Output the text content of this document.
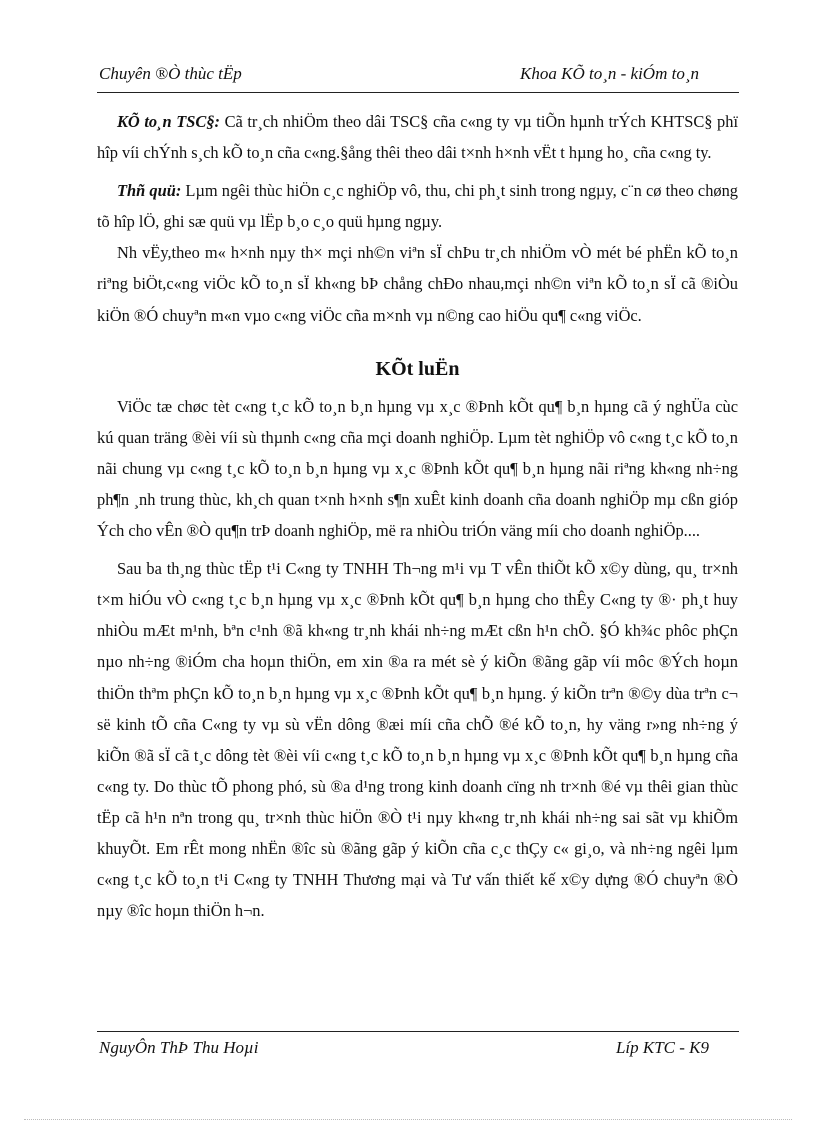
Chuyên ®Ò thùc tËp	Khoa KÕ to¸n - kiÓm to¸n

KÕ to¸n TSC§: Cã tr¸ch nhiÖm theo dâi TSC§ cña c«ng ty vµ tiÕn hµnh trÝch KHTSC§ phï hîp víi chÝnh s¸ch kÕ to¸n cña c«ng.§ång thêi theo dâi t×nh h×nh vËt t hµng ho¸ cña c«ng ty.

Thñ quü: Lµm ngêi thùc hiÖn c¸c nghiÖp vô, thu, chi ph¸t sinh trong ngµy, c¨n cø theo chøng tõ hîp lÖ, ghi sæ quü vµ lËp b¸o c¸o quü hµng ngµy.

Nh vËy,theo m« h×nh nµy th× mçi nh©n viªn sÏ chÞu tr¸ch nhiÖm vÒ mét bé phËn kÕ to¸n riªng biÖt,c«ng viÖc kÕ to¸n sÏ kh«ng bÞ chång chÐo nhau,mçi nh©n viªn kÕ to¸n sÏ cã ®iÒu kiÖn ®Ó chuyªn m«n vµo c«ng viÖc cña m×nh vµ n©ng cao hiÖu qu¶ c«ng viÖc.

KÕt luËn

ViÖc tæ chøc tèt c«ng t¸c kÕ to¸n b¸n hµng vµ x¸c ®Þnh kÕt qu¶ b¸n hµng cã ý nghÜa cùc kú quan träng ®èi víi sù thµnh c«ng cña mçi doanh nghiÖp. Lµm tèt nghiÖp vô c«ng t¸c kÕ to¸n nãi chung vµ c«ng t¸c kÕ to¸n b¸n hµng vµ x¸c ®Þnh kÕt qu¶ b¸n hµng nãi riªng kh«ng nh÷ng ph¶n ¸nh trung thùc, kh¸ch quan t×nh h×nh s¶n xuÊt kinh doanh cña doanh nghiÖp mµ cßn gióp Ých cho vÊn ®Ò qu¶n trÞ doanh nghiÖp, më ra nhiÒu triÓn väng míi cho doanh nghiÖp....

Sau ba th¸ng thùc tËp t¹i C«ng ty TNHH Th¬ng m¹i vµ T vÊn thiÕt kÕ x©y dùng, qu¸ tr×nh t×m hiÓu vÒ c«ng t¸c b¸n hµng vµ x¸c ®Þnh kÕt qu¶ b¸n hµng cho thÊy C«ng ty ®· ph¸t huy nhiÒu mÆt m¹nh, bªn c¹nh ®ã kh«ng tr¸nh khái nh÷ng mÆt cßn h¹n chÕ. §Ó kh¾c phôc phÇn nµo nh÷ng ®iÓm cha hoµn thiÖn, em xin ®a ra mét sè ý kiÕn ®ãng gãp víi môc ®Ých hoµn thiÖn thªm phÇn kÕ to¸n b¸n hµng vµ x¸c ®Þnh kÕt qu¶ b¸n hµng. ý kiÕn trªn ®©y dùa trªn c¬ së kinh tÕ cña C«ng ty vµ sù vËn dông ®æi míi cña chÕ ®é kÕ to¸n, hy väng r»ng nh÷ng ý kiÕn ®ã sÏ cã t¸c dông tèt ®èi víi c«ng t¸c kÕ to¸n b¸n hµng vµ x¸c ®Þnh kÕt qu¶ b¸n hµng cña c«ng ty. Do thùc tÕ phong phó, sù ®a d¹ng trong kinh doanh cïng nh tr×nh ®é vµ thêi gian thùc tËp cã h¹n nªn trong qu¸ tr×nh thùc hiÖn ®Ò t¹i nµy kh«ng tr¸nh khái nh÷ng sai sãt vµ khiÕm khuyÕt. Em rÊt mong nhËn ®îc sù ®ãng gãp ý kiÕn cña c¸c thÇy c« gi¸o, và nh÷ng ngêi lµm c«ng t¸c kÕ to¸n t¹i C«ng ty TNHH Thương mại và Tư vấn thiết kế x©y dựng ®Ó chuyªn ®Ò nµy ®îc hoµn thiÖn h¬n.

NguyÔn ThÞ Thu Hoµi	Líp KTC - K9
